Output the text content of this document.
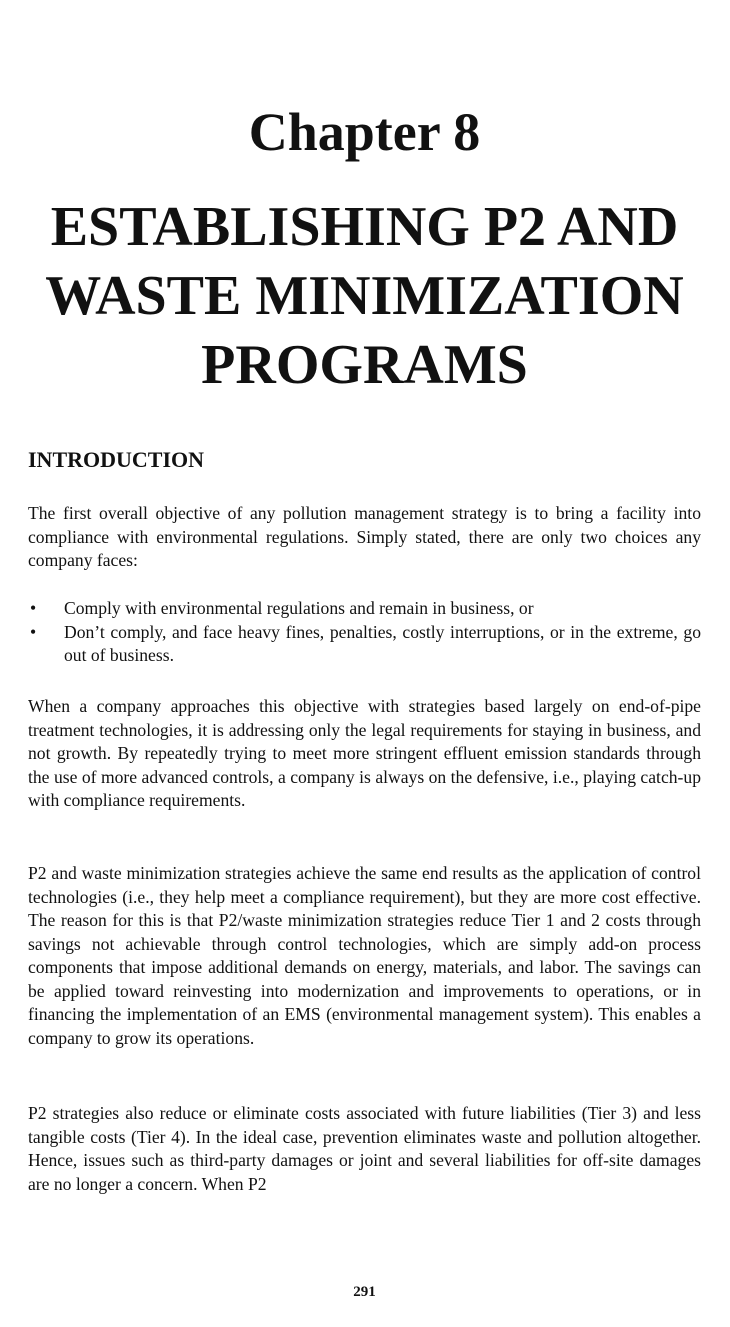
Chapter 8
ESTABLISHING P2 AND
WASTE MINIMIZATION
PROGRAMS
INTRODUCTION

The first overall objective of any pollution management strategy is to bring a facility into compliance with environmental regulations. Simply stated, there are only two choices any company faces:

• Comply with environmental regulations and remain in business, or
• Don’t comply, and face heavy fines, penalties, costly interruptions, or in the extreme, go out of business.

When a company approaches this objective with strategies based largely on end-of-pipe treatment technologies, it is addressing only the legal requirements for staying in business, and not growth. By repeatedly trying to meet more stringent effluent emission standards through the use of more advanced controls, a company is always on the defensive, i.e., playing catch-up with compliance requirements.

P2 and waste minimization strategies achieve the same end results as the application of control technologies (i.e., they help meet a compliance requirement), but they are more cost effective. The reason for this is that P2/waste minimization strategies reduce Tier 1 and 2 costs through savings not achievable through control technologies, which are simply add-on process components that impose additional demands on energy, materials, and labor. The savings can be applied toward reinvesting into modernization and improvements to operations, or in financing the implementation of an EMS (environmental management system). This enables a company to grow its operations.

P2 strategies also reduce or eliminate costs associated with future liabilities (Tier 3) and less tangible costs (Tier 4). In the ideal case, prevention eliminates waste and pollution altogether. Hence, issues such as third-party damages or joint and several liabilities for off-site damages are no longer a concern. When P2

291
